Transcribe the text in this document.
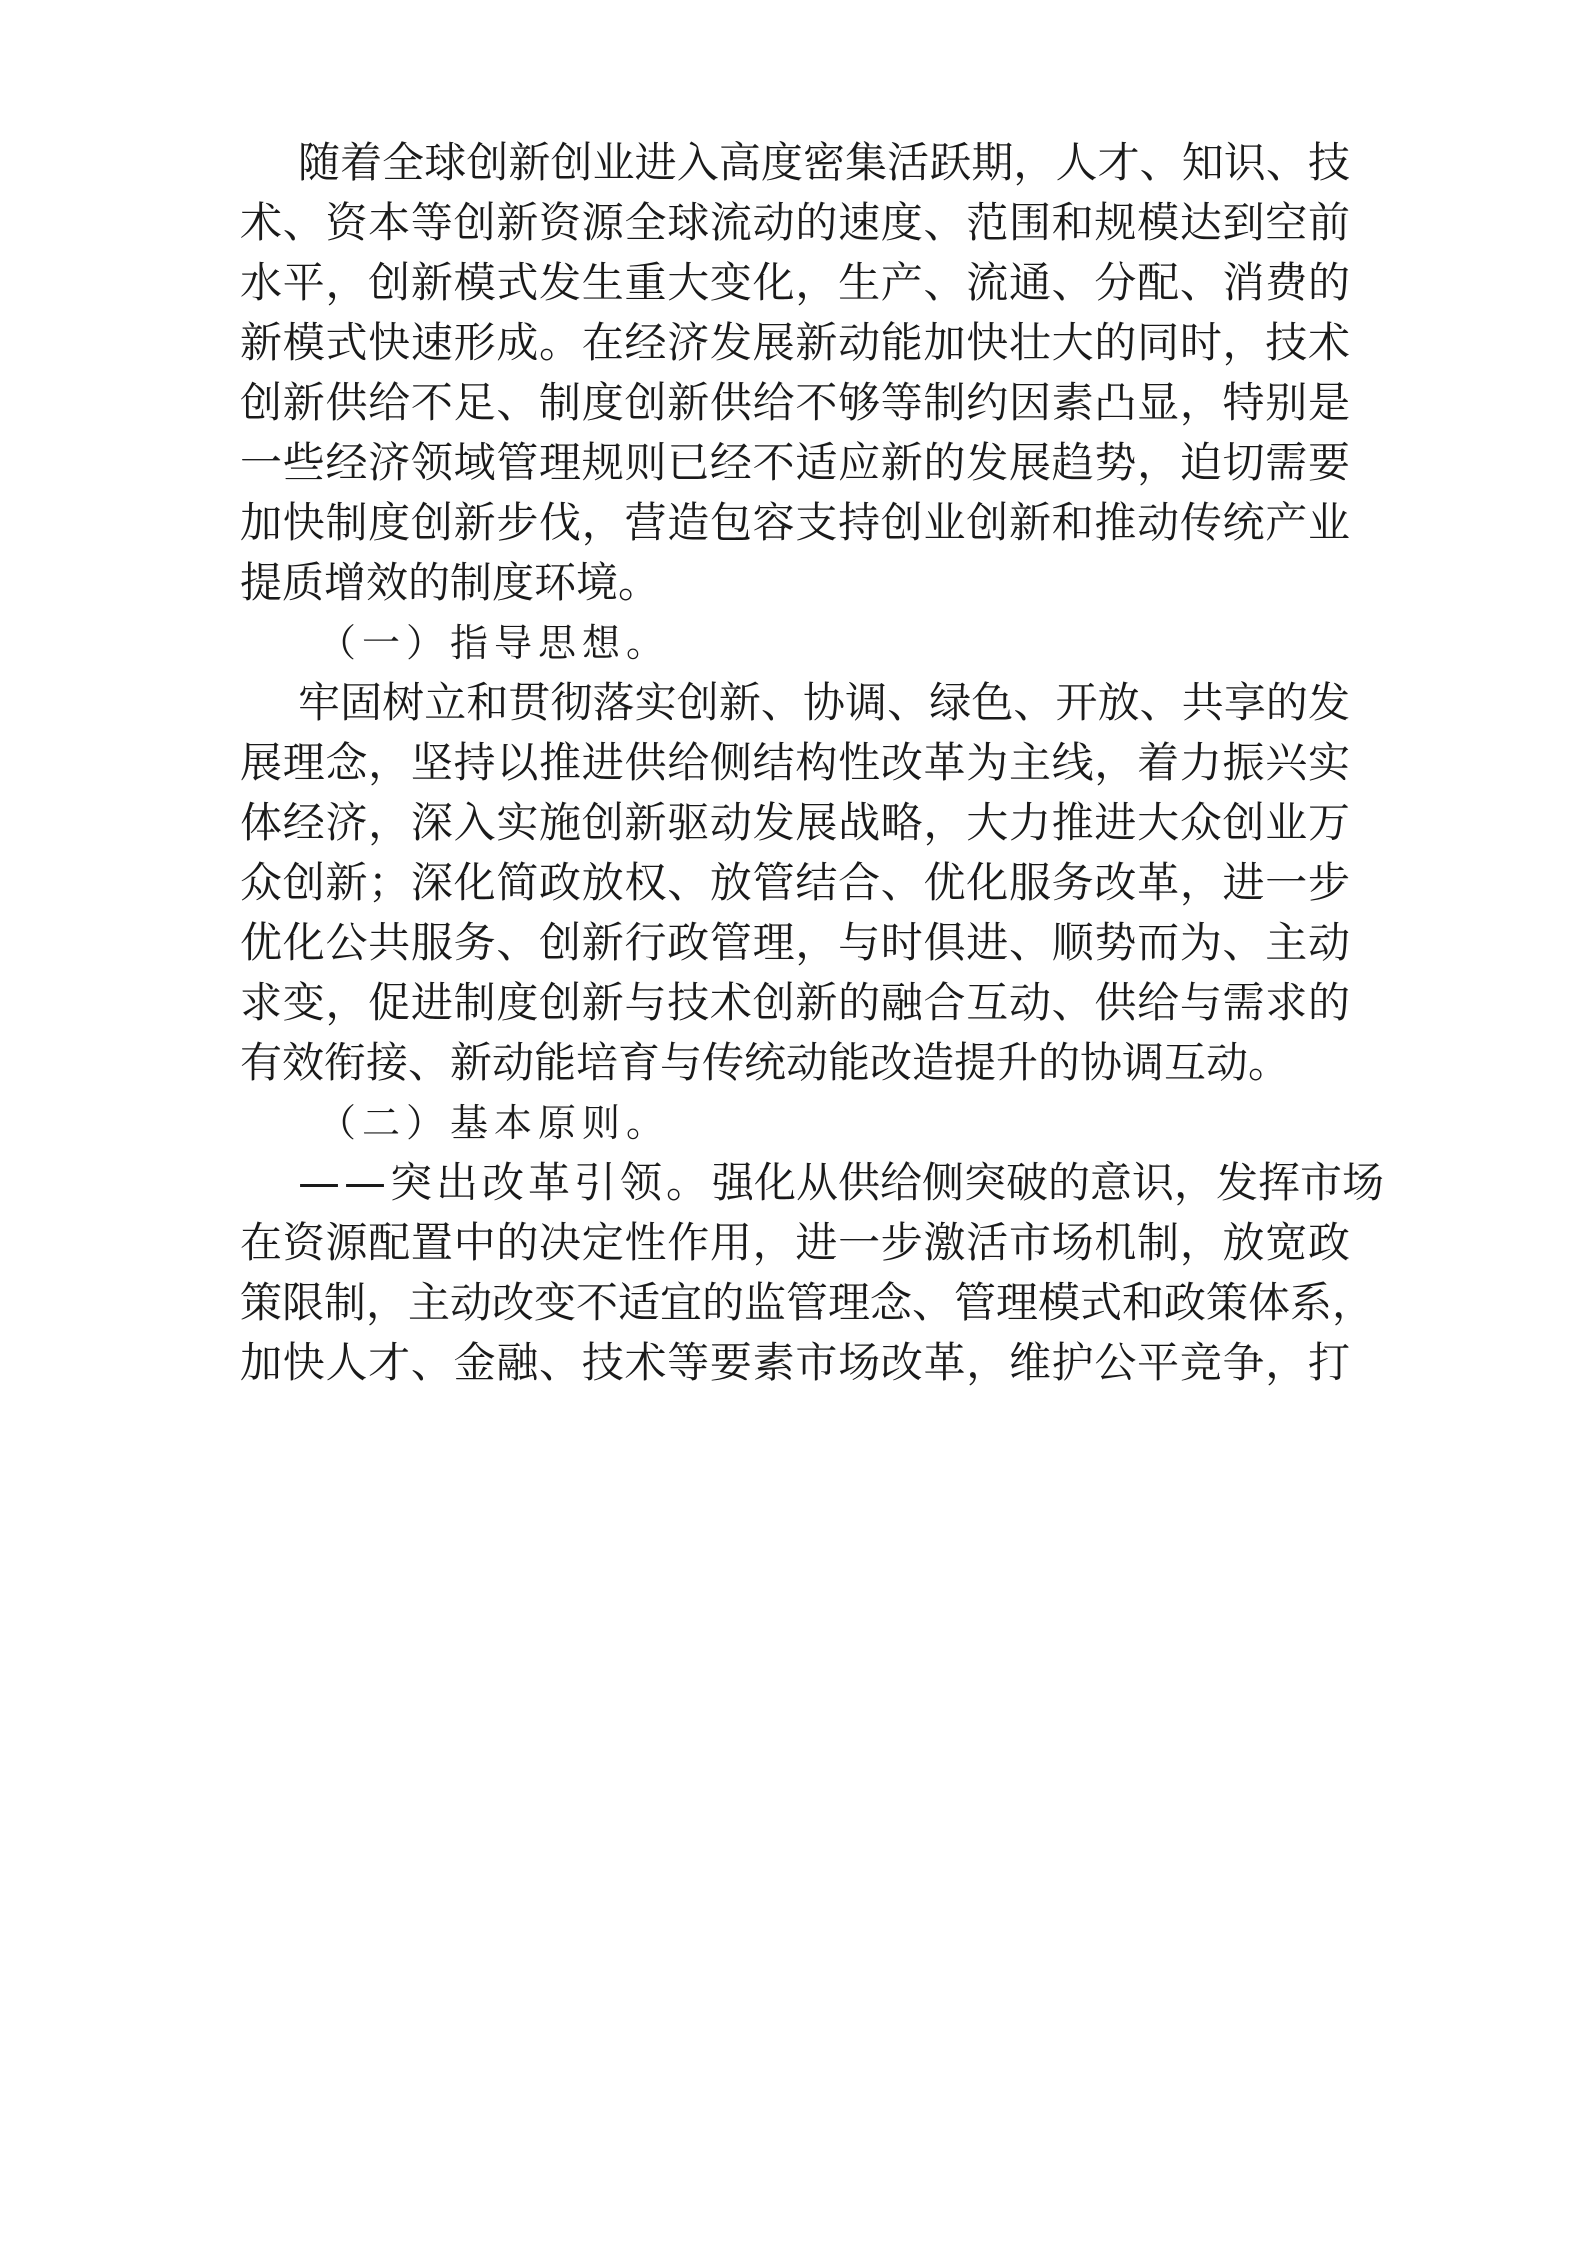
随着全球创新创业进入高度密集活跃期，人才、知识、技
术、资本等创新资源全球流动的速度、范围和规模达到空前
水平，创新模式发生重大变化，生产、流通、分配、消费的
新模式快速形成。在经济发展新动能加快壮大的同时，技术
创新供给不足、制度创新供给不够等制约因素凸显，特别是
一些经济领域管理规则已经不适应新的发展趋势，迫切需要
加快制度创新步伐，营造包容支持创业创新和推动传统产业
提质增效的制度环境。
（一）指导思想。
牢固树立和贯彻落实创新、协调、绿色、开放、共享的发
展理念，坚持以推进供给侧结构性改革为主线，着力振兴实
体经济，深入实施创新驱动发展战略，大力推进大众创业万
众创新；深化简政放权、放管结合、优化服务改革，进一步
优化公共服务、创新行政管理，与时俱进、顺势而为、主动
求变，促进制度创新与技术创新的融合互动、供给与需求的
有效衔接、新动能培育与传统动能改造提升的协调互动。
（二）基本原则。
——突出改革引领。强化从供给侧突破的意识，发挥市场
在资源配置中的决定性作用，进一步激活市场机制，放宽政
策限制，主动改变不适宜的监管理念、管理模式和政策体系，
加快人才、金融、技术等要素市场改革，维护公平竞争，打
